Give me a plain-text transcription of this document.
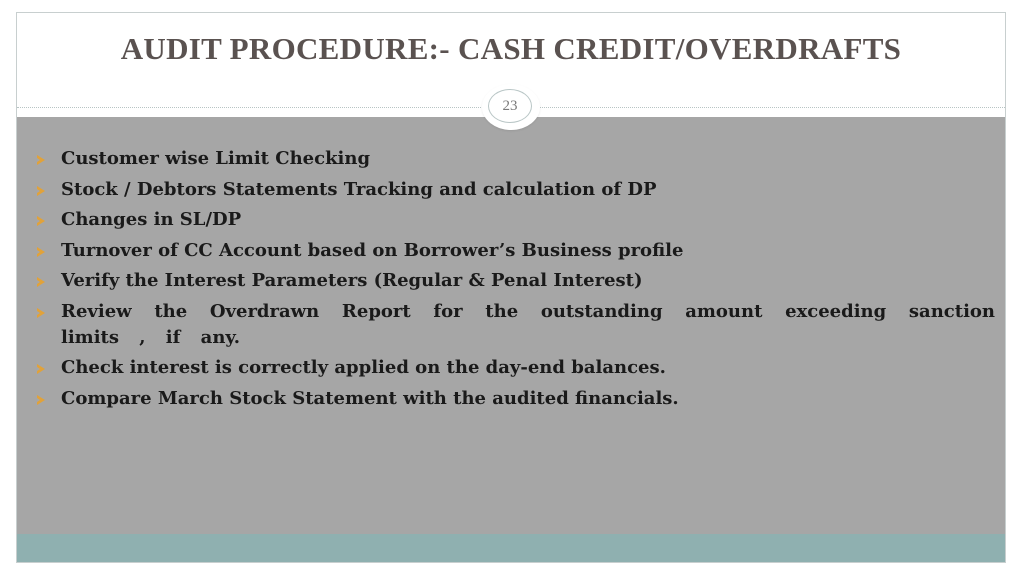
AUDIT PROCEDURE:- CASH CREDIT/OVERDRAFTS
23
Customer wise Limit Checking
Stock / Debtors Statements Tracking and calculation of DP
Changes in SL/DP
Turnover of CC Account based on Borrower’s Business profile
Verify the Interest Parameters (Regular & Penal Interest)
Review the Overdrawn Report for the outstanding amount exceeding sanction limits , if any.
Check interest is correctly applied on the day-end balances.
Compare March Stock Statement with the audited financials.
